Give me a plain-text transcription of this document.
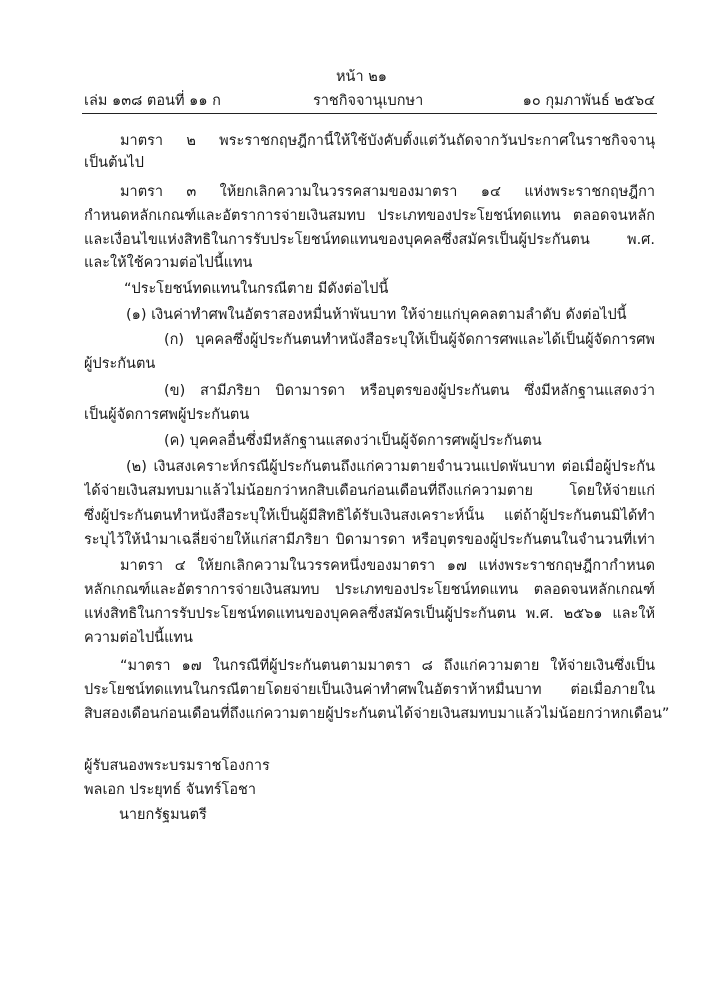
หน้า ๒๑
เล่ม ๑๓๘ ตอนที่ ๑๑ ก	ราชกิจจานุเบกษา	๑๐ กุมภาพันธ์ ๒๕๖๔
มาตรา ๒ พระราชกฤษฎีกานี้ให้ใช้บังคับตั้งแต่วันถัดจากวันประกาศในราชกิจจานุ
เป็นต้นไป
มาตรา ๓ ให้ยกเลิกความในวรรคสามของมาตรา ๑๔ แห่งพระราชกฤษฎีกา
กำหนดหลักเกณฑ์และอัตราการจ่ายเงินสมทบ ประเภทของประโยชน์ทดแทน ตลอดจนหลัก
และเงื่อนไขแห่งสิทธิในการรับประโยชน์ทดแทนของบุคคลซึ่งสมัครเป็นผู้ประกันตน พ.ศ.
และให้ใช้ความต่อไปนี้แทน
“ประโยชน์ทดแทนในกรณีตาย มีดังต่อไปนี้
(๑) เงินค่าทำศพในอัตราสองหมื่นห้าพันบาท ให้จ่ายแก่บุคคลตามลำดับ ดังต่อไปนี้
(ก) บุคคลซึ่งผู้ประกันตนทำหนังสือระบุให้เป็นผู้จัดการศพและได้เป็นผู้จัดการศพ
ผู้ประกันตน
(ข) สามีภริยา บิดามารดา หรือบุตรของผู้ประกันตน ซึ่งมีหลักฐานแสดงว่า
เป็นผู้จัดการศพผู้ประกันตน
(ค) บุคคลอื่นซึ่งมีหลักฐานแสดงว่าเป็นผู้จัดการศพผู้ประกันตน
(๒) เงินสงเคราะห์กรณีผู้ประกันตนถึงแก่ความตายจำนวนแปดพันบาท ต่อเมื่อผู้ประกัน
ได้จ่ายเงินสมทบมาแล้วไม่น้อยกว่าหกสิบเดือนก่อนเดือนที่ถึงแก่ความตาย โดยให้จ่ายแก่
ซึ่งผู้ประกันตนทำหนังสือระบุให้เป็นผู้มีสิทธิได้รับเงินสงเคราะห์นั้น แต่ถ้าผู้ประกันตนมิได้ทำ
ระบุไว้ให้นำมาเฉลี่ยจ่ายให้แก่สามีภริยา บิดามารดา หรือบุตรของผู้ประกันตนในจำนวนที่เท่า
มาตรา ๔ ให้ยกเลิกความในวรรคหนึ่งของมาตรา ๑๗ แห่งพระราชกฤษฎีกากำหนด
หลักเกณฑ์และอัตราการจ่ายเงินสมทบ ประเภทของประโยชน์ทดแทน ตลอดจนหลักเกณฑ์
แห่งสิทธิในการรับประโยชน์ทดแทนของบุคคลซึ่งสมัครเป็นผู้ประกันตน พ.ศ. ๒๕๖๑ และให้
ความต่อไปนี้แทน
“มาตรา ๑๗ ในกรณีที่ผู้ประกันตนตามมาตรา ๘ ถึงแก่ความตาย ให้จ่ายเงินซึ่งเป็น
ประโยชน์ทดแทนในกรณีตายโดยจ่ายเป็นเงินค่าทำศพในอัตราห้าหมื่นบาท ต่อเมื่อภายใน
สิบสองเดือนก่อนเดือนที่ถึงแก่ความตายผู้ประกันตนได้จ่ายเงินสมทบมาแล้วไม่น้อยกว่าหกเดือน”
ผู้รับสนองพระบรมราชโองการ
พลเอก ประยุทธ์ จันทร์โอชา
นายกรัฐมนตรี
